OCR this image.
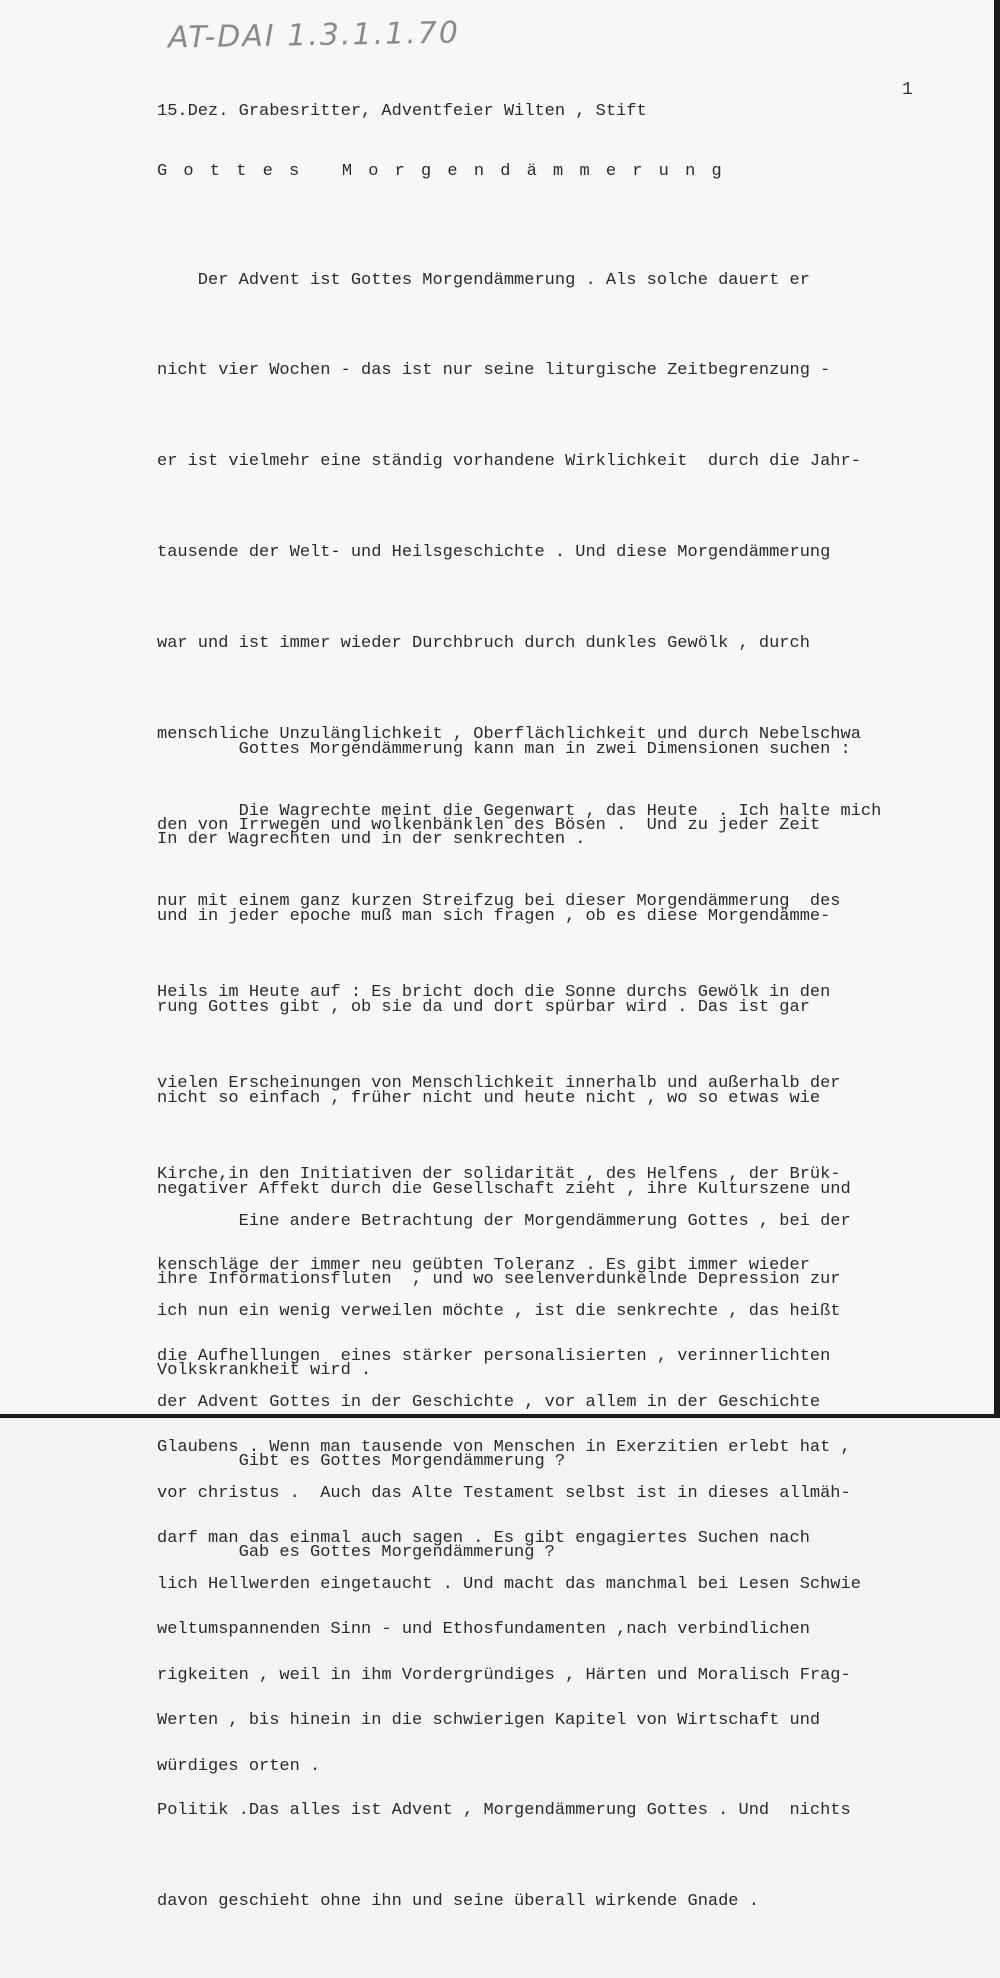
AT-DAI 1.3.1.1.70
1
15.Dez. Grabesritter, Adventfeier Wilten , Stift
G o t t e s   M o r g e n d ä m m e r u n g

Der Advent ist Gottes Morgendämmerung . Als solche dauert er

nicht vier Wochen - das ist nur seine liturgische Zeitbegrenzung -

er ist vielmehr eine ständig vorhandene Wirklichkeit  durch die Jahr-

tausende der Welt- und Heilsgeschichte . Und diese Morgendämmerung

war und ist immer wieder Durchbruch durch dunkles Gewölk , durch

menschliche Unzulänglichkeit , Oberflächlichkeit und durch Nebelschwa

den von Irrwegen und wolkenbänklen des Bösen .  Und zu jeder Zeit

und in jeder epoche muß man sich fragen , ob es diese Morgendämme-

rung Gottes gibt , ob sie da und dort spürbar wird . Das ist gar

nicht so einfach , früher nicht und heute nicht , wo so etwas wie

negativer Affekt durch die Gesellschaft zieht , ihre Kulturszene und

ihre Informationsfluten  , und wo seelenverdunkelnde Depression zur

Volkskrankheit wird .

Gibt es Gottes Morgendämmerung ?

Gab es Gottes Morgendämmerung ?

Gottes Morgendämmerung kann man in zwei Dimensionen suchen :

In der Wagrechten und in der senkrechten .

Die Wagrechte meint die Gegenwart , das Heute  . Ich halte mich

nur mit einem ganz kurzen Streifzug bei dieser Morgendämmerung  des

Heils im Heute auf : Es bricht doch die Sonne durchs Gewölk in den

vielen Erscheinungen von Menschlichkeit innerhalb und außerhalb der

Kirche,in den Initiativen der solidarität , des Helfens , der Brük-

kenschläge der immer neu geübten Toleranz . Es gibt immer wieder

die Aufhellungen  eines stärker personalisierten , verinnerlichten

Glaubens . Wenn man tausende von Menschen in Exerzitien erlebt hat ,

darf man das einmal auch sagen . Es gibt engagiertes Suchen nach

weltumspannenden Sinn - und Ethosfundamenten ,nach verbindlichen

Werten , bis hinein in die schwierigen Kapitel von Wirtschaft und

Politik .Das alles ist Advent , Morgendämmerung Gottes . Und  nichts

davon geschieht ohne ihn und seine überall wirkende Gnade .

Eine andere Betrachtung der Morgendämmerung Gottes , bei der

ich nun ein wenig verweilen möchte , ist die senkrechte , das heißt

der Advent Gottes in der Geschichte , vor allem in der Geschichte

vor christus .  Auch das Alte Testament selbst ist in dieses allmäh-

lich Hellwerden eingetaucht . Und macht das manchmal bei Lesen Schwie

rigkeiten , weil in ihm Vordergründiges , Härten und Moralisch Frag-

würdiges orten .
